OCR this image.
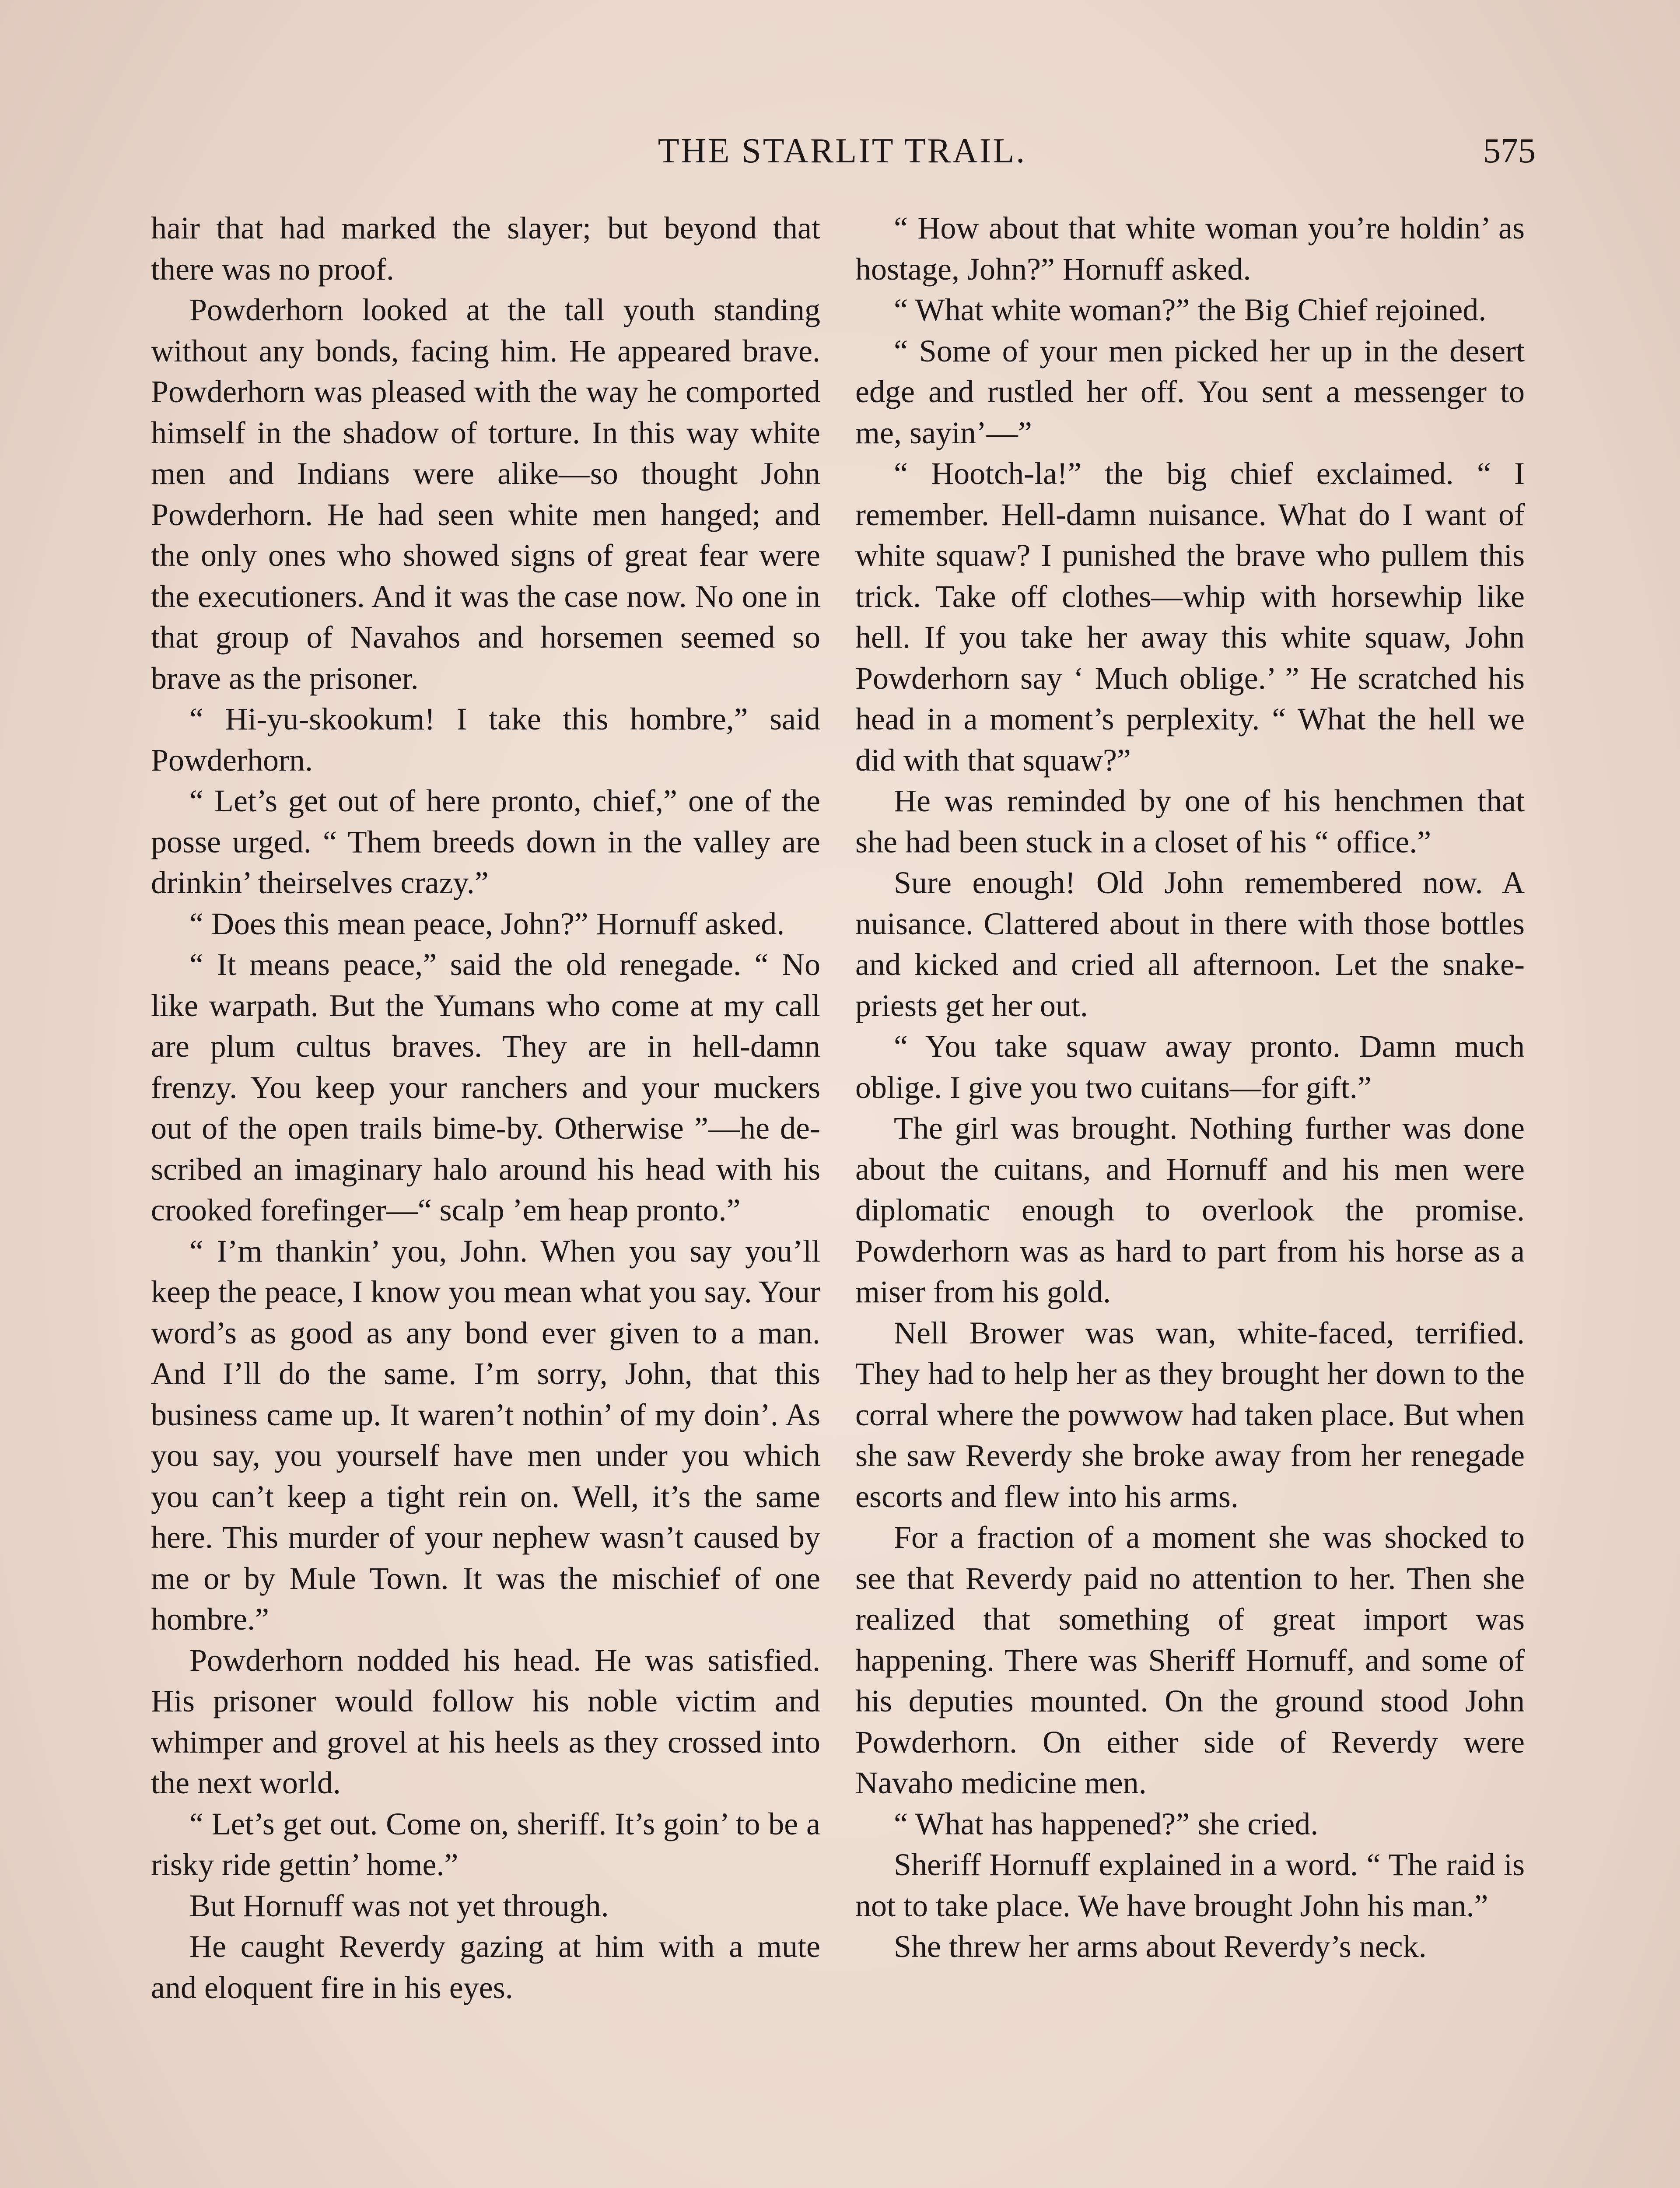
THE STARLIT TRAIL.	575

hair that had marked the slayer; but beyond that there was no proof.

Powderhorn looked at the tall youth standing without any bonds, facing him. He appeared brave. Powderhorn was pleased with the way he comported himself in the shadow of torture. In this way white men and Indians were alike—so thought John Powderhorn. He had seen white men hanged; and the only ones who showed signs of great fear were the executioners. And it was the case now. No one in that group of Navahos and horsemen seemed so brave as the prisoner.

“ Hi-yu-skookum! I take this hombre,” said Powderhorn.

“ Let’s get out of here pronto, chief,” one of the posse urged. “ Them breeds down in the valley are drinkin’ theirselves crazy.”

“ Does this mean peace, John?” Hornuff asked.

“ It means peace,” said the old renegade. “ No like warpath. But the Yumans who come at my call are plum cultus braves. They are in hell-damn frenzy. You keep your ranchers and your muckers out of the open trails bime-by. Otherwise ”—he described an imaginary halo around his head with his crooked forefinger—“ scalp ’em heap pronto.”

“ I’m thankin’ you, John. When you say you’ll keep the peace, I know you mean what you say. Your word’s as good as any bond ever given to a man. And I’ll do the same. I’m sorry, John, that this business came up. It waren’t nothin’ of my doin’. As you say, you yourself have men under you which you can’t keep a tight rein on. Well, it’s the same here. This murder of your nephew wasn’t caused by me or by Mule Town. It was the mischief of one hombre.”

Powderhorn nodded his head. He was satisfied. His prisoner would follow his noble victim and whimper and grovel at his heels as they crossed into the next world.

“ Let’s get out. Come on, sheriff. It’s goin’ to be a risky ride gettin’ home.”

But Hornuff was not yet through.

He caught Reverdy gazing at him with a mute and eloquent fire in his eyes.

“ How about that white woman you’re holdin’ as hostage, John?” Hornuff asked.

“ What white woman?” the Big Chief rejoined.

“ Some of your men picked her up in the desert edge and rustled her off. You sent a messenger to me, sayin’—”

“ Hootch-la!” the big chief exclaimed. “ I remember. Hell-damn nuisance. What do I want of white squaw? I punished the brave who pullem this trick. Take off clothes—whip with horsewhip like hell. If you take her away this white squaw, John Powderhorn say ‘ Much oblige.’ ” He scratched his head in a moment’s perplexity. “ What the hell we did with that squaw?”

He was reminded by one of his henchmen that she had been stuck in a closet of his “ office.”

Sure enough! Old John remembered now. A nuisance. Clattered about in there with those bottles and kicked and cried all afternoon. Let the snake-priests get her out.

“ You take squaw away pronto. Damn much oblige. I give you two cuitans—for gift.”

The girl was brought. Nothing further was done about the cuitans, and Hornuff and his men were diplomatic enough to overlook the promise. Powderhorn was as hard to part from his horse as a miser from his gold.

Nell Brower was wan, white-faced, terrified. They had to help her as they brought her down to the corral where the powwow had taken place. But when she saw Reverdy she broke away from her renegade escorts and flew into his arms.

For a fraction of a moment she was shocked to see that Reverdy paid no attention to her. Then she realized that something of great import was happening. There was Sheriff Hornuff, and some of his deputies mounted. On the ground stood John Powderhorn. On either side of Reverdy were Navaho medicine men.

“ What has happened?” she cried.

Sheriff Hornuff explained in a word. “ The raid is not to take place. We have brought John his man.”

She threw her arms about Reverdy’s neck.
